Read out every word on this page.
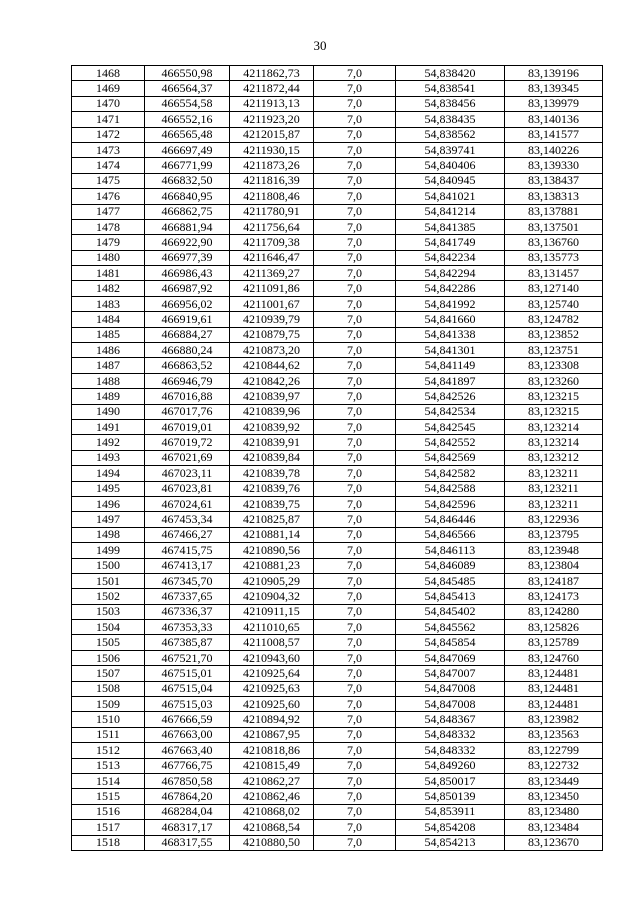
30
1468	466550,98	4211862,73	7,0	54,838420	83,139196
1469	466564,37	4211872,44	7,0	54,838541	83,139345
1470	466554,58	4211913,13	7,0	54,838456	83,139979
1471	466552,16	4211923,20	7,0	54,838435	83,140136
1472	466565,48	4212015,87	7,0	54,838562	83,141577
1473	466697,49	4211930,15	7,0	54,839741	83,140226
1474	466771,99	4211873,26	7,0	54,840406	83,139330
1475	466832,50	4211816,39	7,0	54,840945	83,138437
1476	466840,95	4211808,46	7,0	54,841021	83,138313
1477	466862,75	4211780,91	7,0	54,841214	83,137881
1478	466881,94	4211756,64	7,0	54,841385	83,137501
1479	466922,90	4211709,38	7,0	54,841749	83,136760
1480	466977,39	4211646,47	7,0	54,842234	83,135773
1481	466986,43	4211369,27	7,0	54,842294	83,131457
1482	466987,92	4211091,86	7,0	54,842286	83,127140
1483	466956,02	4211001,67	7,0	54,841992	83,125740
1484	466919,61	4210939,79	7,0	54,841660	83,124782
1485	466884,27	4210879,75	7,0	54,841338	83,123852
1486	466880,24	4210873,20	7,0	54,841301	83,123751
1487	466863,52	4210844,62	7,0	54,841149	83,123308
1488	466946,79	4210842,26	7,0	54,841897	83,123260
1489	467016,88	4210839,97	7,0	54,842526	83,123215
1490	467017,76	4210839,96	7,0	54,842534	83,123215
1491	467019,01	4210839,92	7,0	54,842545	83,123214
1492	467019,72	4210839,91	7,0	54,842552	83,123214
1493	467021,69	4210839,84	7,0	54,842569	83,123212
1494	467023,11	4210839,78	7,0	54,842582	83,123211
1495	467023,81	4210839,76	7,0	54,842588	83,123211
1496	467024,61	4210839,75	7,0	54,842596	83,123211
1497	467453,34	4210825,87	7,0	54,846446	83,122936
1498	467466,27	4210881,14	7,0	54,846566	83,123795
1499	467415,75	4210890,56	7,0	54,846113	83,123948
1500	467413,17	4210881,23	7,0	54,846089	83,123804
1501	467345,70	4210905,29	7,0	54,845485	83,124187
1502	467337,65	4210904,32	7,0	54,845413	83,124173
1503	467336,37	4210911,15	7,0	54,845402	83,124280
1504	467353,33	4211010,65	7,0	54,845562	83,125826
1505	467385,87	4211008,57	7,0	54,845854	83,125789
1506	467521,70	4210943,60	7,0	54,847069	83,124760
1507	467515,01	4210925,64	7,0	54,847007	83,124481
1508	467515,04	4210925,63	7,0	54,847008	83,124481
1509	467515,03	4210925,60	7,0	54,847008	83,124481
1510	467666,59	4210894,92	7,0	54,848367	83,123982
1511	467663,00	4210867,95	7,0	54,848332	83,123563
1512	467663,40	4210818,86	7,0	54,848332	83,122799
1513	467766,75	4210815,49	7,0	54,849260	83,122732
1514	467850,58	4210862,27	7,0	54,850017	83,123449
1515	467864,20	4210862,46	7,0	54,850139	83,123450
1516	468284,04	4210868,02	7,0	54,853911	83,123480
1517	468317,17	4210868,54	7,0	54,854208	83,123484
1518	468317,55	4210880,50	7,0	54,854213	83,123670
